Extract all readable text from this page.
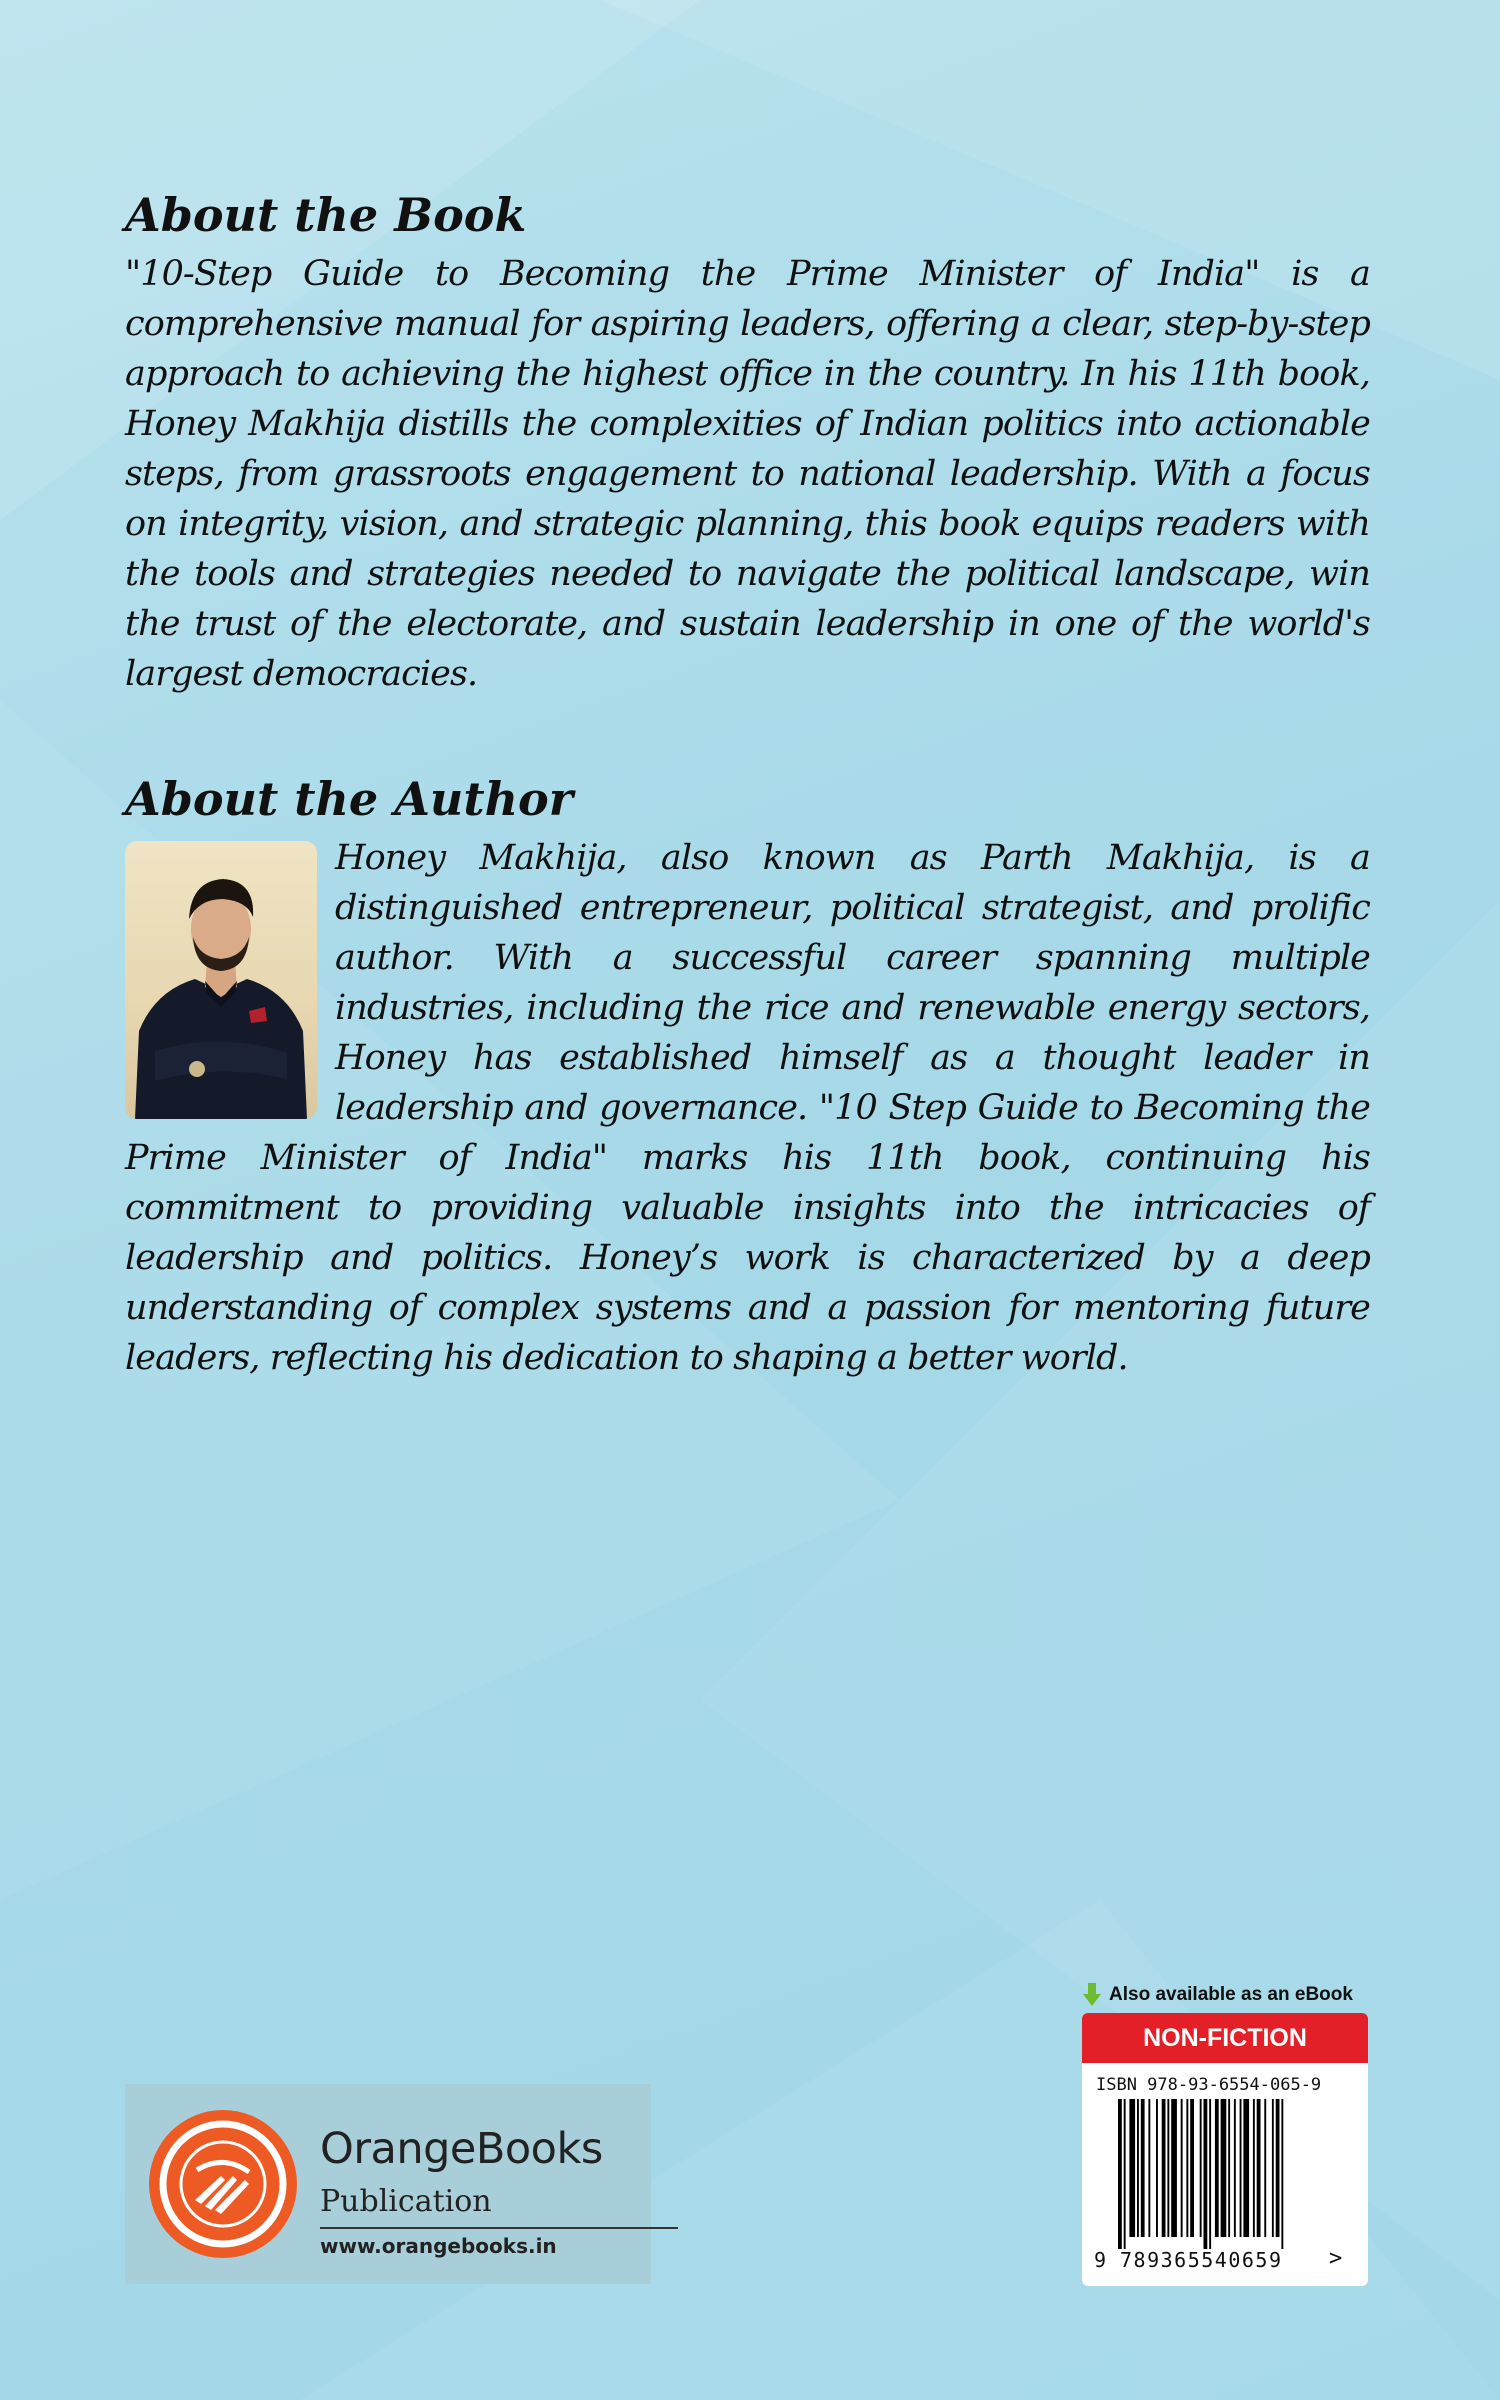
About the Book

"10-Step Guide to Becoming the Prime Minister of India" is a comprehensive manual for aspiring leaders, offering a clear, step-by-step approach to achieving the highest office in the country. In his 11th book, Honey Makhija distills the complexities of Indian politics into actionable steps, from grassroots engagement to national leadership. With a focus on integrity, vision, and strategic planning, this book equips readers with the tools and strategies needed to navigate the political landscape, win the trust of the electorate, and sustain leadership in one of the world's largest democracies.

About the Author
Honey Makhija, also known as Parth Makhija, is a distinguished entrepreneur, political strategist, and prolific author. With a successful career spanning multiple industries, including the rice and renewable energy sectors, Honey has established himself as a thought leader in leadership and governance. "10 Step Guide to Becoming the Prime Minister of India" marks his 11th book, continuing his commitment to providing valuable insights into the intricacies of leadership and politics. Honey’s work is characterized by a deep understanding of complex systems and a passion for mentoring future leaders, reflecting his dedication to shaping a better world.
OrangeBooks
Publication
www.orangebooks.in
Also available as an eBook
NON-FICTION
ISBN 978-93-6554-065-9
9 789365540659 >
